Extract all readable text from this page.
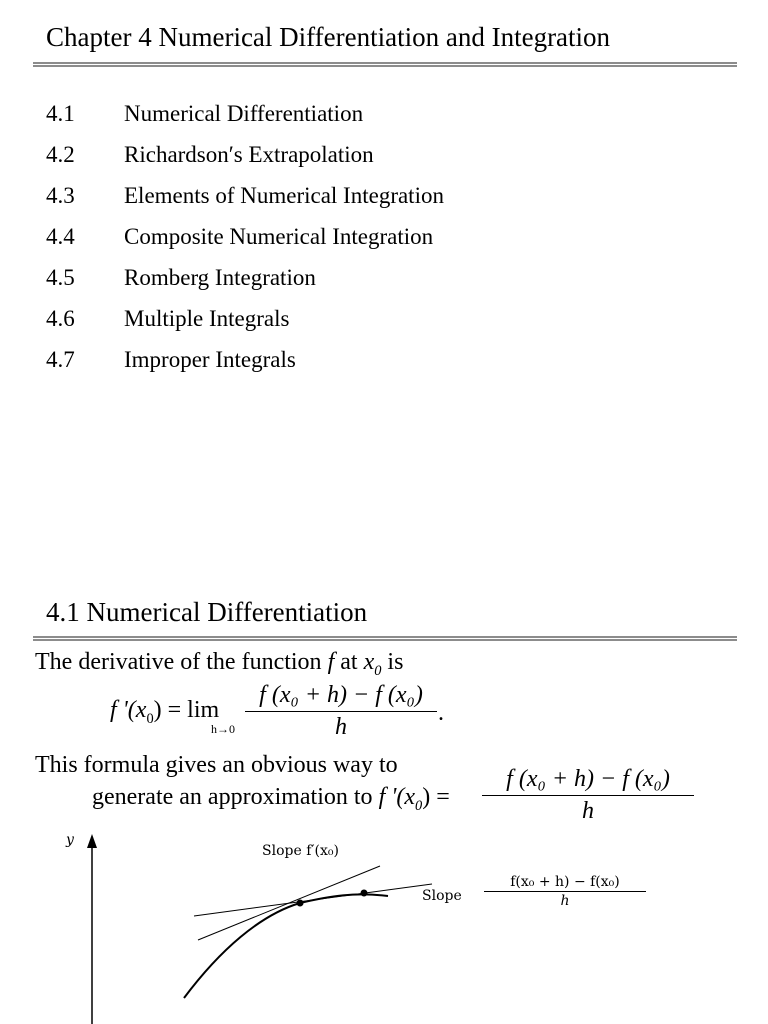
Chapter 4 Numerical Differentiation and Integration
4.1 Numerical Differentiation
4.2 Richardson′s Extrapolation
4.3 Elements of Numerical Integration
4.4 Composite Numerical Integration
4.5 Romberg Integration
4.6 Multiple Integrals
4.7 Improper Integrals
4.1 Numerical Differentiation
The derivative of the function f at $x_0$ is
f '$(x_0) = \lim$
h→0
f (x₀ + h) − f (x₀)
h
.
This formula gives an obvious way to
generate an approximation to f '$(x_0)$ =
f (x₀ + h) − f (x₀)
h
y
Slope f′(x₀)
Slope
f(x₀ + h) − f(x₀)
h
